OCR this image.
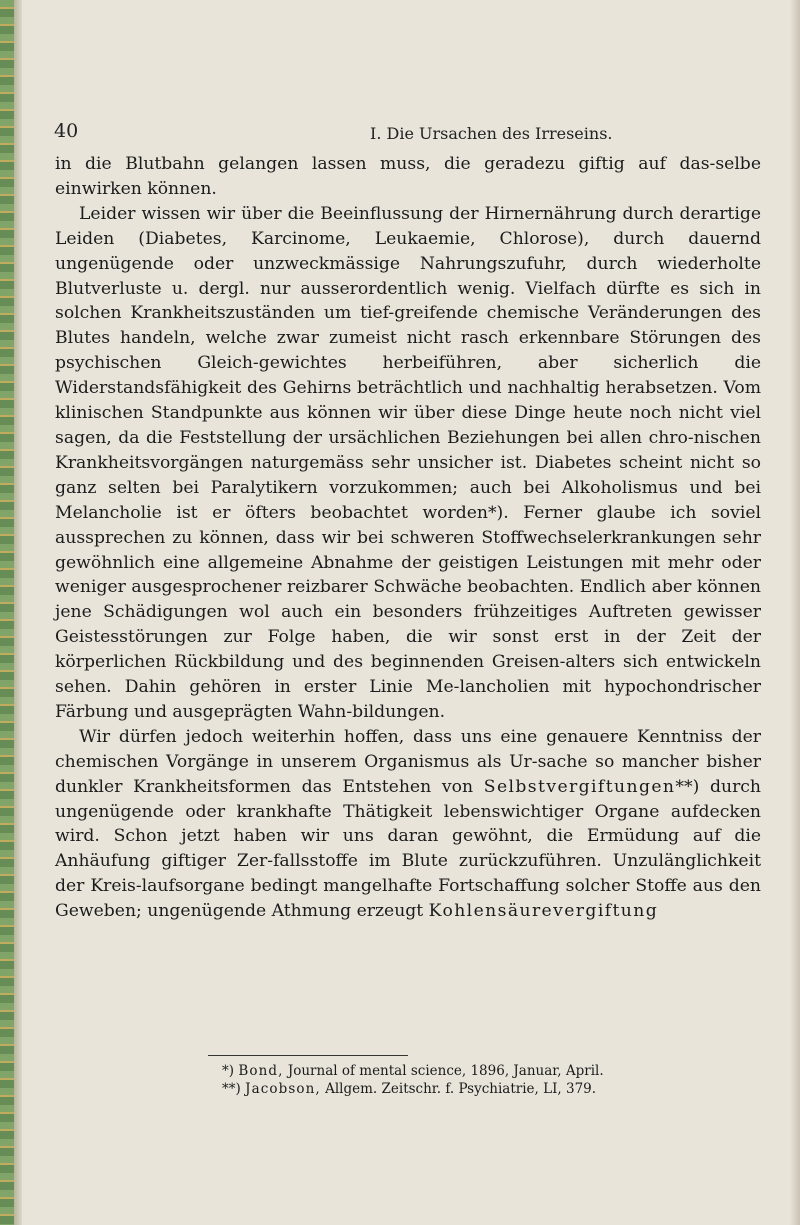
40	I. Die Ursachen des Irreseins.

in die Blutbahn gelangen lassen muss, die geradezu giftig auf das-selbe einwirken können.

Leider wissen wir über die Beeinflussung der Hirnernährung durch derartige Leiden (Diabetes, Karcinome, Leukaemie, Chlorose), durch dauernd ungenügende oder unzweckmässige Nahrungszufuhr, durch wiederholte Blutverluste u. dergl. nur ausserordentlich wenig. Vielfach dürfte es sich in solchen Krankheitszuständen um tief-greifende chemische Veränderungen des Blutes handeln, welche zwar zumeist nicht rasch erkennbare Störungen des psychischen Gleich-gewichtes herbeiführen, aber sicherlich die Widerstandsfähigkeit des Gehirns beträchtlich und nachhaltig herabsetzen. Vom klinischen Standpunkte aus können wir über diese Dinge heute noch nicht viel sagen, da die Feststellung der ursächlichen Beziehungen bei allen chro-nischen Krankheitsvorgängen naturgemäss sehr unsicher ist. Diabetes scheint nicht so ganz selten bei Paralytikern vorzukommen; auch bei Alkoholismus und bei Melancholie ist er öfters beobachtet worden*). Ferner glaube ich soviel aussprechen zu können, dass wir bei schweren Stoffwechselerkrankungen sehr gewöhnlich eine allgemeine Abnahme der geistigen Leistungen mit mehr oder weniger ausgesprochener reizbarer Schwäche beobachten. Endlich aber können jene Schädigungen wol auch ein besonders frühzeitiges Auftreten gewisser Geistesstörungen zur Folge haben, die wir sonst erst in der Zeit der körperlichen Rückbildung und des beginnenden Greisen-alters sich entwickeln sehen. Dahin gehören in erster Linie Me-lancholien mit hypochondrischer Färbung und ausgeprägten Wahn-bildungen.

Wir dürfen jedoch weiterhin hoffen, dass uns eine genauere Kenntniss der chemischen Vorgänge in unserem Organismus als Ur-sache so mancher bisher dunkler Krankheitsformen das Entstehen von Selbstvergiftungen**) durch ungenügende oder krankhafte Thätigkeit lebenswichtiger Organe aufdecken wird. Schon jetzt haben wir uns daran gewöhnt, die Ermüdung auf die Anhäufung giftiger Zer-fallsstoffe im Blute zurückzuführen. Unzulänglichkeit der Kreis-laufsorgane bedingt mangelhafte Fortschaffung solcher Stoffe aus den Geweben; ungenügende Athmung erzeugt Kohlensäurevergiftung

*) Bond, Journal of mental science, 1896, Januar, April.
**) Jacobson, Allgem. Zeitschr. f. Psychiatrie, LI, 379.
